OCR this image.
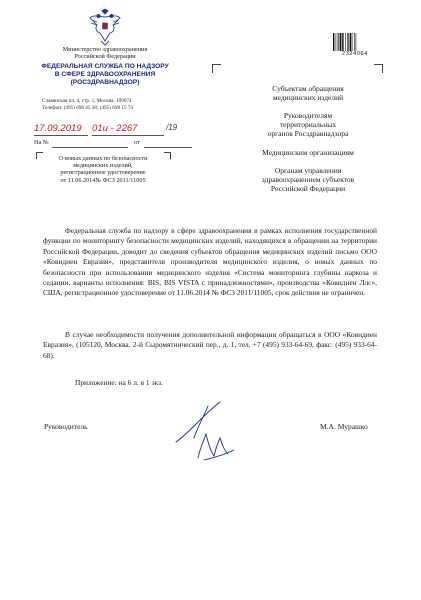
Министерство здравоохранения
Российской Федерации
ФЕДЕРАЛЬНАЯ СЛУЖБА ПО НАДЗОРУ
В СФЕРЕ ЗДРАВООХРАНЕНИЯ
(РОСЗДРАВНАДЗОР)
Славянская пл. 4, стр. 1, Москва, 109074
Телефон: (495) 698 45 38; (495) 698 15 74
17.09.2019 01и - 2267	/19
На №	от
О новых данных по безопасности
медицинских изделий,
регистрационное удостоверение
от 11.06.2014№ ФСЗ 2011/11005
2324064
Субъектам обращения
медицинских изделий
Руководителям
территориальных
органов Росздравнадзора
Медицинским организациям
Органам управления
здравоохранением субъектов
Российской Федерации
Федеральная служба по надзору в сфере здравоохранения в рамках исполнения государственной функции по мониторингу безопасности медицинских изделий, находящихся в обращении на территории Российской Федерации, доводит до сведения субъектов обращения медицинских изделий письмо ООО «Ковидиен Евразия», представителя производителя медицинского изделия, о новых данных по безопасности при использовании медицинского изделия «Система мониторинга глубины наркоза и седации, варианты исполнения: BIS, BIS VISTA с принадлежностями», производства «Ковидиен Ллс», США, регистрационное удостоверение от 11.06.2014 № ФСЗ 2011/11005, срок действия не ограничен.
В случае необходимости получения дополнительной информации обращаться в ООО «Ковидиен Евразия», (105120, Москва, 2-й Сыромятнический пер., д. 1, тел. +7 (495) 933-64-69, факс: (495) 933-64-68).
Приложение: на 6 л. в 1 экз.
Руководитель	М.А. Мурашко
